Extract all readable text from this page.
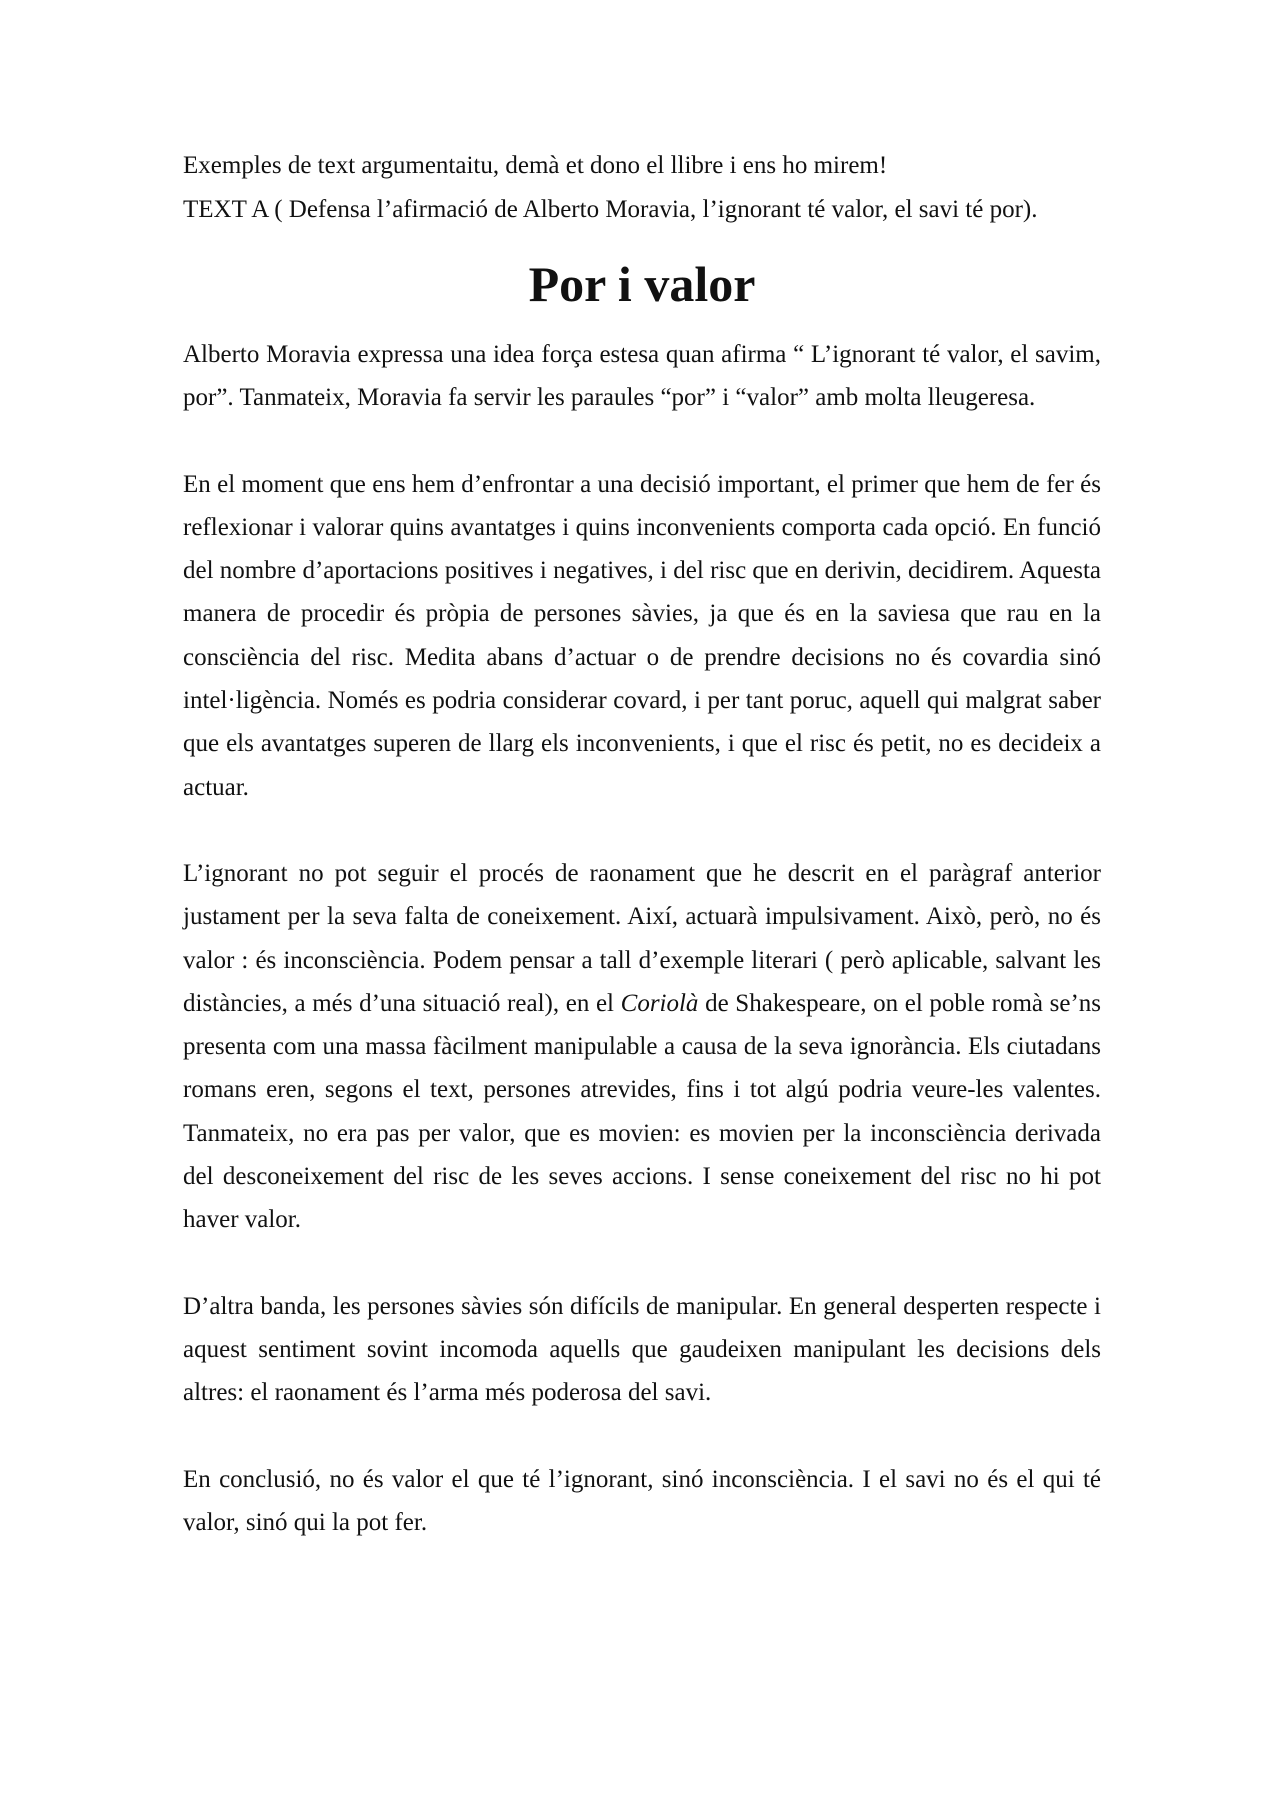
Exemples de text argumentaitu, demà et dono el llibre i ens ho mirem!

TEXT A ( Defensa l’afirmació de Alberto Moravia, l’ignorant té valor, el savi té por).

Por i valor

Alberto Moravia expressa una idea força estesa quan afirma “ L’ignorant té valor, el savim, por”. Tanmateix, Moravia fa servir les paraules “por” i “valor” amb molta lleugeresa.

En el moment que ens hem d’enfrontar a una decisió important, el primer que hem de fer és reflexionar i valorar quins avantatges i quins inconvenients comporta cada opció. En funció del nombre d’aportacions positives i negatives, i del risc que en derivin, decidirem. Aquesta manera de procedir és pròpia de persones sàvies, ja que és en la saviesa que rau en la consciència del risc. Medita abans d’actuar o de prendre decisions no és covardia sinó intel·ligència. Només es podria considerar covard, i per tant poruc, aquell qui malgrat saber que els avantatges superen de llarg els inconvenients, i que el risc és petit, no es decideix a actuar.

L’ignorant no pot seguir el procés de raonament que he descrit en el paràgraf anterior justament per la seva falta de coneixement. Així, actuarà impulsivament. Això, però, no és valor : és inconsciència. Podem pensar a tall d’exemple literari ( però aplicable, salvant les distàncies, a més d’una situació real), en el Coriolà de Shakespeare, on el poble romà se’ns presenta com una massa fàcilment manipulable a causa de la seva ignorància. Els ciutadans romans eren, segons el text, persones atrevides, fins i tot algú podria veure-les valentes. Tanmateix, no era pas per valor, que es movien: es movien per la inconsciència derivada del desconeixement del risc de les seves accions. I sense coneixement del risc no hi pot haver valor.

D’altra banda, les persones sàvies són difícils de manipular. En general desperten respecte i aquest sentiment sovint incomoda aquells que gaudeixen manipulant les decisions dels altres: el raonament és l’arma més poderosa del savi.

En conclusió, no és valor el que té l’ignorant, sinó inconsciència. I el savi no és el qui té valor, sinó qui la pot fer.
